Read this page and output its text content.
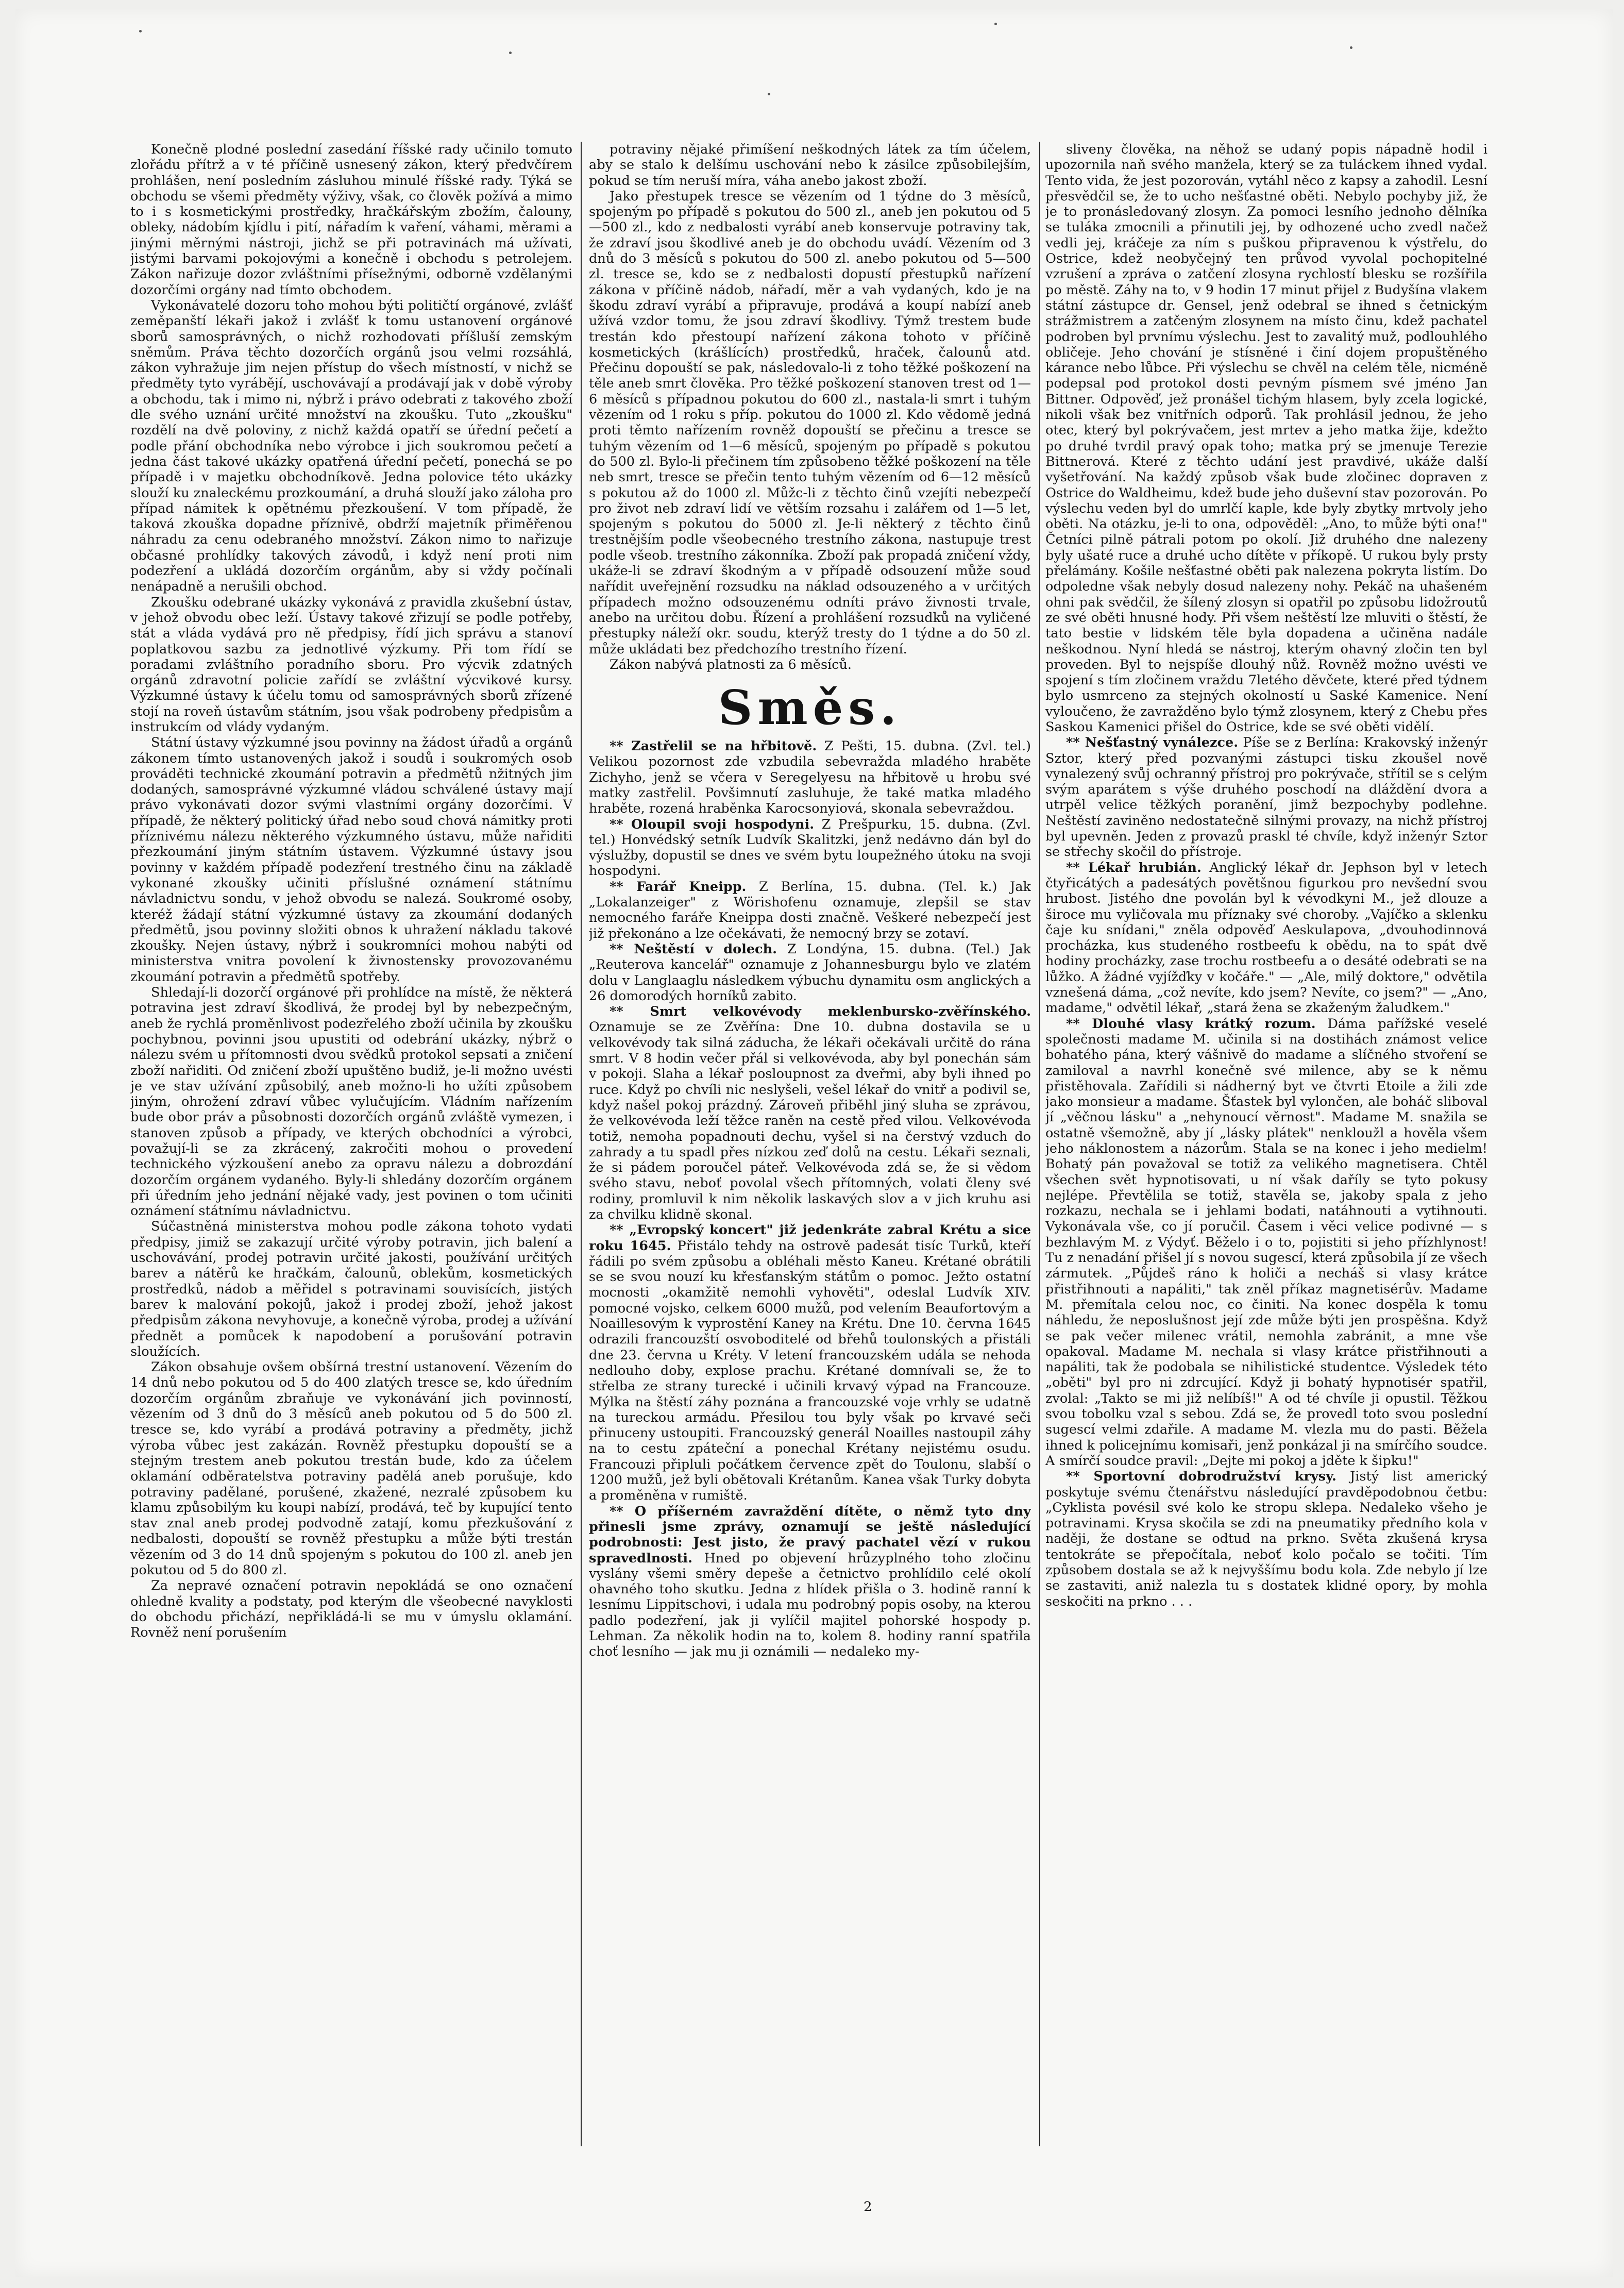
Konečně plodné poslední zasedání říšské rady učinilo tomuto zlořádu přítrž a v té příčině usnesený zákon, který předvčírem prohlášen, není posledním zásluhou minulé říšské rady. Týká se obchodu se všemi předměty výživy, však, co člověk požívá a mimo to i s kosmetickými prostředky, hračkářským zbožím, čalouny, obleky, nádobím kjídlu i pití, nářadím k vaření, váhami, měrami a jinými měrnými nástroji, jichž se při potravinách má užívati, jistými barvami pokojovými a konečně i obchodu s petrolejem. Zákon nařizuje dozor zvláštními přísežnými, odborně vzdělanými dozorčími orgány nad tímto obchodem.

Vykonávatelé dozoru toho mohou býti političtí orgánové, zvlášť zeměpanští lékaři jakož i zvlášť k tomu ustanovení orgánové sborů samosprávných, o nichž rozhodovati příšluší zemským sněmům. Práva těchto dozorčích orgánů jsou velmi rozsáhlá, zákon vyhražuje jim nejen přístup do všech místností, v nichž se předměty tyto vyrábějí, uschovávají a prodávají jak v době výroby a obchodu, tak i mimo ni, nýbrž i právo odebrati z takového zboží dle svého uznání určité množství na zkoušku. Tuto „zkoušku" rozdělí na dvě poloviny, z nichž každá opatří se úřední pečetí a podle přání obchodníka nebo výrobce i jich soukromou pečetí a jedna část takové ukázky opatřená úřední pečetí, ponechá se po případě i v majetku obchodníkově. Jedna polovice této ukázky slouží ku znaleckému prozkoumání, a druhá slouží jako záloha pro případ námitek k opětnému přezkoušení. V tom případě, že taková zkouška dopadne příznivě, obdrží majetník přiměřenou náhradu za cenu odebraného množství. Zákon nimo to nařizuje občasné prohlídky takových závodů, i když není proti nim podezření a ukládá dozorčím orgánům, aby si vždy počínali nenápadně a nerušili obchod.

Zkoušku odebrané ukázky vykonává z pravidla zkušební ústav, v jehož obvodu obec leží. Ústavy takové zřizují se podle potřeby, stát a vláda vydává pro ně předpisy, řídí jich správu a stanoví poplatkovou sazbu za jednotlivé výzkumy. Při tom řídí se poradami zvláštního poradního sboru. Pro výcvik zdatných orgánů zdravotní policie zařídí se zvláštní výcvikové kursy. Výzkumné ústavy k účelu tomu od samosprávných sborů zřízené stojí na roveň ústavům státním, jsou však podrobeny předpisům a instrukcím od vlády vydaným.

Státní ústavy výzkumné jsou povinny na žádost úřadů a orgánů zákonem tímto ustanovených jakož i soudů i soukromých osob prováděti technické zkoumání potravin a předmětů nžitných jim dodaných, samosprávné výzkumné vládou schválené ústavy mají právo vykonávati dozor svými vlastními orgány dozorčími. V případě, že některý politický úřad nebo soud chová námitky proti příznivému nálezu některého výzkumného ústavu, může nařiditi přezkoumání jiným státním ústavem. Výzkumné ústavy jsou povinny v každém případě podezření trestného činu na základě vykonané zkoušky učiniti příslušné oznámení státnímu návladnictvu sondu, v jehož obvodu se nalezá. Soukromé osoby, kteréž žádají státní výzkumné ústavy za zkoumání dodaných předmětů, jsou povinny složiti obnos k uhražení nákladu takové zkoušky. Nejen ústavy, nýbrž i soukromníci mohou nabýti od ministerstva vnitra povolení k živnostensky provozovanému zkoumání potravin a předmětů spotřeby.

Shledají-li dozorčí orgánové při prohlídce na místě, že některá potravina jest zdraví škodlivá, že prodej byl by nebezpečným, aneb že rychlá proměnlivost podezřelého zboží učinila by zkoušku pochybnou, povinni jsou upustiti od odebrání ukázky, nýbrž o nálezu svém u přítomnosti dvou svědků protokol sepsati a zničení zboží nařiditi. Od zničení zboží upuštěno budiž, je-li možno uvésti je ve stav užívání způsobilý, aneb možno-li ho užíti způsobem jiným, ohrožení zdraví vůbec vylučujícím. Vládním nařízením bude obor práv a působnosti dozorčích orgánů zvláště vymezen, i stanoven způsob a případy, ve kterých obchodníci a výrobci, považují-li se za zkrácený, zakročiti mohou o provedení technického výzkoušení anebo za opravu nálezu a dobrozdání dozorčím orgánem vydaného. Byly-li shledány dozorčím orgánem při úředním jeho jednání nějaké vady, jest povinen o tom učiniti oznámení státnímu návladnictvu.

Súčastněná ministerstva mohou podle zákona tohoto vydati předpisy, jimiž se zakazují určité výroby potravin, jich balení a uschovávání, prodej potravin určité jakosti, používání určitých barev a nátěrů ke hračkám, čalounů, oblekům, kosmetických prostředků, nádob a měřidel s potravinami souvisících, jistých barev k malování pokojů, jakož i prodej zboží, jehož jakost předpisům zákona nevyhovuje, a konečně výroba, prodej a užívání přednět a pomůcek k napodobení a porušování potravin sloužících.

Zákon obsahuje ovšem obšírná trestní ustanovení. Vězením do 14 dnů nebo pokutou od 5 do 400 zlatých tresce se, kdo úředním dozorčím orgánům zbraňuje ve vykonávání jich povinností, vězením od 3 dnů do 3 měsíců aneb pokutou od 5 do 500 zl. tresce se, kdo vyrábí a prodává potraviny a předměty, jichž výroba vůbec jest zakázán. Rovněž přestupku dopouští se a stejným trestem aneb pokutou trestán bude, kdo za účelem oklamání odběratelstva potraviny padělá aneb porušuje, kdo potraviny padělané, porušené, zkažené, nezralé způsobem ku klamu způsobilým ku koupi nabízí, prodává, teč by kupující tento stav znal aneb prodej podvodně zatají, komu přezkušování z nedbalosti, dopouští se rovněž přestupku a může býti trestán vězením od 3 do 14 dnů spojeným s pokutou do 100 zl. aneb jen pokutou od 5 do 800 zl.

Za nepravé označení potravin nepokládá se ono označení ohledně kvality a podstaty, pod kterým dle všeobecné navyklosti do obchodu přichází, nepřikládá-li se mu v úmyslu oklamání. Rovněž není porušením

potraviny nějaké přimíšení neškodných látek za tím účelem, aby se stalo k delšímu uschování nebo k zásilce způsobilejším, pokud se tím neruší míra, váha anebo jakost zboží.

Jako přestupek tresce se vězením od 1 týdne do 3 měsíců, spojeným po případě s pokutou do 500 zl., aneb jen pokutou od 5—500 zl., kdo z nedbalosti vyrábí aneb konservuje potraviny tak, že zdraví jsou škodlivé aneb je do obchodu uvádí. Vězením od 3 dnů do 3 měsíců s pokutou do 500 zl. anebo pokutou od 5—500 zl. tresce se, kdo se z nedbalosti dopustí přestupků nařízení zákona v příčině nádob, nářadí, měr a vah vydaných, kdo je na škodu zdraví vyrábí a připravuje, prodává a koupí nabízí aneb užívá vzdor tomu, že jsou zdraví škodlivy. Týmž trestem bude trestán kdo přestoupí nařízení zákona tohoto v příčině kosmetických (krášlících) prostředků, hraček, čalounů atd. Přečinu dopouští se pak, následovalo-li z toho těžké poškození na těle aneb smrt člověka. Pro těžké poškození stanoven trest od 1—6 měsíců s případnou pokutou do 600 zl., nastala-li smrt i tuhým vězením od 1 roku s příp. pokutou do 1000 zl. Kdo vědomě jedná proti těmto nařízením rovněž dopouští se přečinu a tresce se tuhým vězením od 1—6 měsíců, spojeným po případě s pokutou do 500 zl. Bylo-li přečinem tím způsobeno těžké poškození na těle neb smrt, tresce se přečin tento tuhým vězením od 6—12 měsíců s pokutou až do 1000 zl. Můžc-li z těchto činů vzejíti nebezpečí pro život neb zdraví lidí ve větším rozsahu i zalářem od 1—5 let, spojeným s pokutou do 5000 zl. Je-li některý z těchto činů trestnějším podle všeobecného trestního zákona, nastupuje trest podle všeob. trestního zákonníka. Zboží pak propadá zničení vždy, ukáže-li se zdraví škodným a v případě odsouzení může soud nařídit uveřejnění rozsudku na náklad odsouzeného a v určitých případech možno odsouzenému odníti právo živnosti trvale, anebo na určitou dobu. Řízení a prohlášení rozsudků na vyličené přestupky náleží okr. soudu, kterýž tresty do 1 týdne a do 50 zl. může ukládati bez předchozího trestního řízení.

Zákon nabývá platnosti za 6 měsíců.

Směs.

** Zastřelil se na hřbitově. Z Pešti, 15. dubna. (Zvl. tel.) Velikou pozornost zde vzbudila sebevražda mladého hraběte Zichyho, jenž se včera v Seregelyesu na hřbitově u hrobu své matky zastřelil. Povšimnutí zasluhuje, že také matka mladého hraběte, rozená hraběnka Karocsonyiová, skonala sebevraždou.

** Oloupil svoji hospodyni. Z Prešpurku, 15. dubna. (Zvl. tel.) Honvédský setník Ludvík Skalitzki, jenž nedávno dán byl do výslužby, dopustil se dnes ve svém bytu loupežného útoku na svoji hospodyni.

** Farář Kneipp. Z Berlína, 15. dubna. (Tel. k.) Jak „Lokalanzeiger" z Wörishofenu oznamuje, zlepšil se stav nemocného faráře Kneippa dosti značně. Veškeré nebezpečí jest již překonáno a lze očekávati, že nemocný brzy se zotaví.

** Neštěstí v dolech. Z Londýna, 15. dubna. (Tel.) Jak „Reuterova kancelář" oznamuje z Johannesburgu bylo ve zlatém dolu v Langlaaglu následkem výbuchu dynamitu osm anglických a 26 domorodých horníků zabito.

** Smrt velkovévody meklenbursko-zvěřínského. Oznamuje se ze Zvěřína: Dne 10. dubna dostavila se u velkovévody tak silná záducha, že lékaři očekávali určitě do rána smrt. V 8 hodin večer přál si velkovévoda, aby byl ponechán sám v pokoji. Slaha a lékař posloupnost za dveřmi, aby byli ihned po ruce. Když po chvíli nic neslyšeli, vešel lékař do vnitř a podivil se, když našel pokoj prázdný. Zároveň přiběhl jiný sluha se zprávou, že velkovévoda leží těžce raněn na cestě před vilou. Velkovévoda totiž, nemoha popadnouti dechu, vyšel si na čerstvý vzduch do zahrady a tu spadl přes nízkou zeď dolů na cestu. Lékaři seznali, že si pádem poroučel páteř. Velkovévoda zdá se, že si vědom svého stavu, neboť povolal všech přítomných, volati členy své rodiny, promluvil k nim několik laskavých slov a v jich kruhu asi za chvilku klidně skonal.

** „Evropský koncert" již jedenkráte zabral Krétu a sice roku 1645. Přistálo tehdy na ostrově padesát tisíc Turků, kteří řádili po svém způsobu a obléhali město Kaneu. Krétané obrátili se se svou nouzí ku křesťanským státům o pomoc. Ježto ostatní mocnosti „okamžitě nemohli vyhověti", odeslal Ludvík XIV. pomocné vojsko, celkem 6000 mužů, pod velením Beaufortovým a Noaillesovým k vyprostění Kaney na Krétu. Dne 10. června 1645 odrazili francouzští osvoboditelé od břehů toulonských a přistáli dne 23. června u Kréty. V letení francouzském udála se nehoda nedlouho doby, explose prachu. Krétané domnívali se, že to střelba ze strany turecké i učinili krvavý výpad na Francouze. Mýlka na štěstí záhy poznána a francouzské voje vrhly se udatně na tureckou armádu. Přesilou tou byly však po krvavé seči přinuceny ustoupiti. Francouzský generál Noailles nastoupil záhy na to cestu zpáteční a ponechal Krétany nejistému osudu. Francouzi připluli počátkem července zpět do Toulonu, slabší o 1200 mužů, jež byli obětovali Krétanům. Kanea však Turky dobyta a proměněna v rumiště.

** O příšerném zavraždění dítěte, o němž tyto dny přinesli jsme zprávy, oznamují se ještě následující podrobnosti: Jest jisto, že pravý pachatel vězí v rukou spravedlnosti. Hned po objevení hrůzyplného toho zločinu vyslány všemi směry depeše a četnictvo prohlídilo celé okolí ohavného toho skutku. Jedna z hlídek přišla o 3. hodině ranní k lesnímu Lippitschovi, i udala mu podrobný popis osoby, na kterou padlo podezření, jak ji vylíčil majitel pohorské hospody p. Lehman. Za několik hodin na to, kolem 8. hodiny ranní spatřila choť lesního — jak mu ji oznámili — nedaleko my-

sliveny člověka, na něhož se udaný popis nápadně hodil i upozornila naň svého manžela, který se za tuláckem ihned vydal. Tento vida, že jest pozorován, vytáhl něco z kapsy a zahodil. Lesní přesvědčil se, že to ucho nešťastné oběti. Nebylo pochyby již, že je to pronásledovaný zlosyn. Za pomoci lesního jednoho dělníka se tuláka zmocnili a přinutili jej, by odhozené ucho zvedl načež vedli jej, kráčeje za ním s puškou připravenou k výstřelu, do Ostrice, kdež neobyčejný ten průvod vyvolal pochopitelné vzrušení a zpráva o zatčení zlosyna rychlostí blesku se rozšířila po městě. Záhy na to, v 9 hodin 17 minut přijel z Budyšína vlakem státní zástupce dr. Gensel, jenž odebral se ihned s četnickým strážmistrem a zatčeným zlosynem na místo činu, kdež pachatel podroben byl prvnímu výslechu. Jest to zavalitý muž, podlouhlého obličeje. Jeho chování je stísněné i činí dojem propuštěného kárance nebo lůbce. Při výslechu se chvěl na celém těle, nicméně podepsal pod protokol dosti pevným písmem své jméno Jan Bittner. Odpověď, jež pronášel tichým hlasem, byly zcela logické, nikoli však bez vnitřních odporů. Tak prohlásil jednou, že jeho otec, který byl pokrývačem, jest mrtev a jeho matka žije, kdežto po druhé tvrdil pravý opak toho; matka prý se jmenuje Terezie Bittnerová. Které z těchto udání jest pravdivé, ukáže další vyšetřování. Na každý způsob však bude zločinec dopraven z Ostrice do Waldheimu, kdež bude jeho duševní stav pozorován. Po výslechu veden byl do umrlčí kaple, kde byly zbytky mrtvoly jeho oběti. Na otázku, je-li to ona, odpověděl: „Ano, to může býti ona!" Četníci pilně pátrali potom po okolí. Již druhého dne nalezeny byly ušaté ruce a druhé ucho dítěte v příkopě. U rukou byly prsty přelámány. Košile nešťastné oběti pak nalezena pokryta listím. Do odpoledne však nebyly dosud nalezeny nohy. Pekáč na uhašeném ohni pak svědčil, že šílený zlosyn si opatřil po způsobu lidožroutů ze své oběti hnusné hody. Při všem neštěstí lze mluviti o štěstí, že tato bestie v lidském těle byla dopadena a učiněna nadále neškodnou. Nyní hledá se nástroj, kterým ohavný zločin ten byl proveden. Byl to nejspíše dlouhý nůž. Rovněž možno uvésti ve spojení s tím zločinem vraždu 7letého děvčete, které před týdnem bylo usmrceno za stejných okolností u Saské Kamenice. Není vyloučeno, že zavražděno bylo týmž zlosynem, který z Chebu přes Saskou Kamenici přišel do Ostrice, kde se své oběti vidělí.

** Nešťastný vynálezce. Píše se z Berlína: Krakovský inženýr Sztor, který před pozvanými zástupci tisku zkoušel nově vynalezený svůj ochranný přístroj pro pokrývače, střítil se s celým svým aparátem s výše druhého poschodí na dláždění dvora a utrpěl velice těžkých poranění, jimž bezpochyby podlehne. Neštěstí zaviněno nedostatečně silnými provazy, na nichž přístroj byl upevněn. Jeden z provazů praskl té chvíle, když inženýr Sztor se střechy skočil do přístroje.

** Lékař hrubián. Anglický lékař dr. Jephson byl v letech čtyřicátých a padesátých povětšnou figurkou pro nevšední svou hrubost. Jistého dne povolán byl k vévodkyni M., jež dlouze a široce mu vyličovala mu příznaky své choroby. „Vajíčko a sklenku čaje ku snídani," zněla odpověď Aeskulapova, „dvouhodinnová procházka, kus studeného rostbeefu k obědu, na to spát dvě hodiny procházky, zase trochu rostbeefu a o desáté odebrati se na lůžko. A žádné vyjížďky v kočáře." — „Ale, milý doktore," odvětila vznešená dáma, „což nevíte, kdo jsem? Nevíte, co jsem?" — „Ano, madame," odvětil lékař, „stará žena se zkaženým žaludkem."

** Dlouhé vlasy krátký rozum. Dáma pařížské veselé společnosti madame M. učinila si na dostihách známost velice bohatého pána, který vášnivě do madame a slíčného stvoření se zamiloval a navrhl konečně své milence, aby se k němu přistěhovala. Zařídili si nádherný byt ve čtvrti Etoile a žili zde jako monsieur a madame. Šťastek byl vylončen, ale boháč sliboval jí „věčnou lásku" a „nehynoucí věrnost". Madame M. snažila se ostatně všemožně, aby jí „lásky plátek" nenkloužl a hověla všem jeho náklonostem a názorům. Stala se na konec i jeho medielm! Bohatý pán považoval se totiž za velikého magnetisera. Chtěl všechen svět hypnotisovati, u ní však daříly se tyto pokusy nejlépe. Převtělila se totiž, stavěla se, jakoby spala z jeho rozkazu, nechala se i jehlami bodati, natáhnouti a vytihnouti. Vykonávala vše, co jí poručil. Časem i věci velice podivné — s bezhlavým M. z Výdyť. Běželo i o to, pojistiti si jeho přízhlynost! Tu z nenadání přišel jí s novou sugescí, která způsobila jí ze všech zármutek. „Půjdeš ráno k holiči a necháš si vlasy krátce přistřihnouti a napáliti," tak zněl příkaz magnetisérův. Madame M. přemítala celou noc, co činiti. Na konec dospěla k tomu náhledu, že neposlušnost její zde může býti jen prospěšna. Když se pak večer milenec vrátil, nemohla zabránit, a mne vše opakoval. Madame M. nechala si vlasy krátce přistřihnouti a napáliti, tak že podobala se nihilistické studentce. Výsledek této „oběti" byl pro ni zdrcující. Když ji bohatý hypnotisér spatřil, zvolal: „Takto se mi již nelíbíš!" A od té chvíle ji opustil. Těžkou svou tobolku vzal s sebou. Zdá se, že provedl toto svou poslední sugescí velmi zdařile. A madame M. vlezla mu do pasti. Běžela ihned k policejnímu komisaři, jenž ponkázal ji na smírčího soudce. A smírčí soudce pravil: „Dejte mi pokoj a jděte k šipku!"

** Sportovní dobrodružství krysy. Jistý list americký poskytuje svému čtenářstvu následující pravděpodobnou četbu: „Cyklista povésil své kolo ke stropu sklepa. Nedaleko všeho je potravinami. Krysa skočila se zdi na pneumatiky předního kola v naději, že dostane se odtud na prkno. Světa zkušená krysa tentokráte se přepočítala, neboť kolo počalo se točiti. Tím způsobem dostala se až k nejvyššímu bodu kola. Zde nebylo jí lze se zastaviti, aniž nalezla tu s dostatek klidné opory, by mohla seskočiti na prkno . . .

2
